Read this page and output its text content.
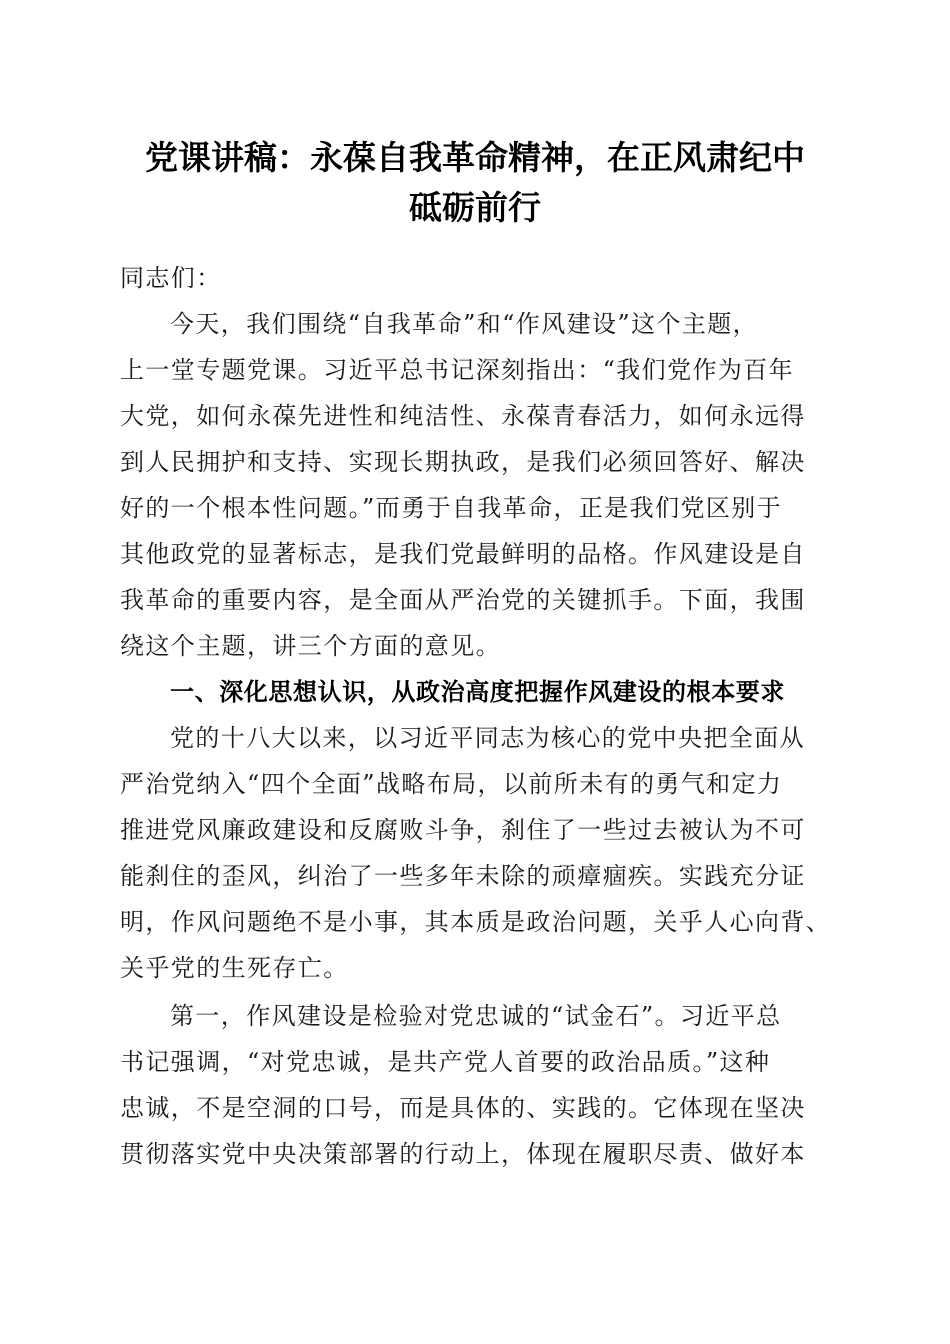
党课讲稿：永葆自我革命精神，在正风肃纪中
砥砺前行
同志们：
今天，我们围绕“自我革命”和“作风建设”这个主题，
上一堂专题党课。习近平总书记深刻指出：“我们党作为百年
大党，如何永葆先进性和纯洁性、永葆青春活力，如何永远得
到人民拥护和支持、实现长期执政，是我们必须回答好、解决
好的一个根本性问题。”而勇于自我革命，正是我们党区别于
其他政党的显著标志，是我们党最鲜明的品格。作风建设是自
我革命的重要内容，是全面从严治党的关键抓手。下面，我围
绕这个主题，讲三个方面的意见。
一、深化思想认识，从政治高度把握作风建设的根本要求
党的十八大以来，以习近平同志为核心的党中央把全面从
严治党纳入“四个全面”战略布局，以前所未有的勇气和定力
推进党风廉政建设和反腐败斗争，刹住了一些过去被认为不可
能刹住的歪风，纠治了一些多年未除的顽瘴痼疾。实践充分证
明，作风问题绝不是小事，其本质是政治问题，关乎人心向背、
关乎党的生死存亡。
第一，作风建设是检验对党忠诚的“试金石”。习近平总
书记强调，“对党忠诚，是共产党人首要的政治品质。”这种
忠诚，不是空洞的口号，而是具体的、实践的。它体现在坚决
贯彻落实党中央决策部署的行动上，体现在履职尽责、做好本
